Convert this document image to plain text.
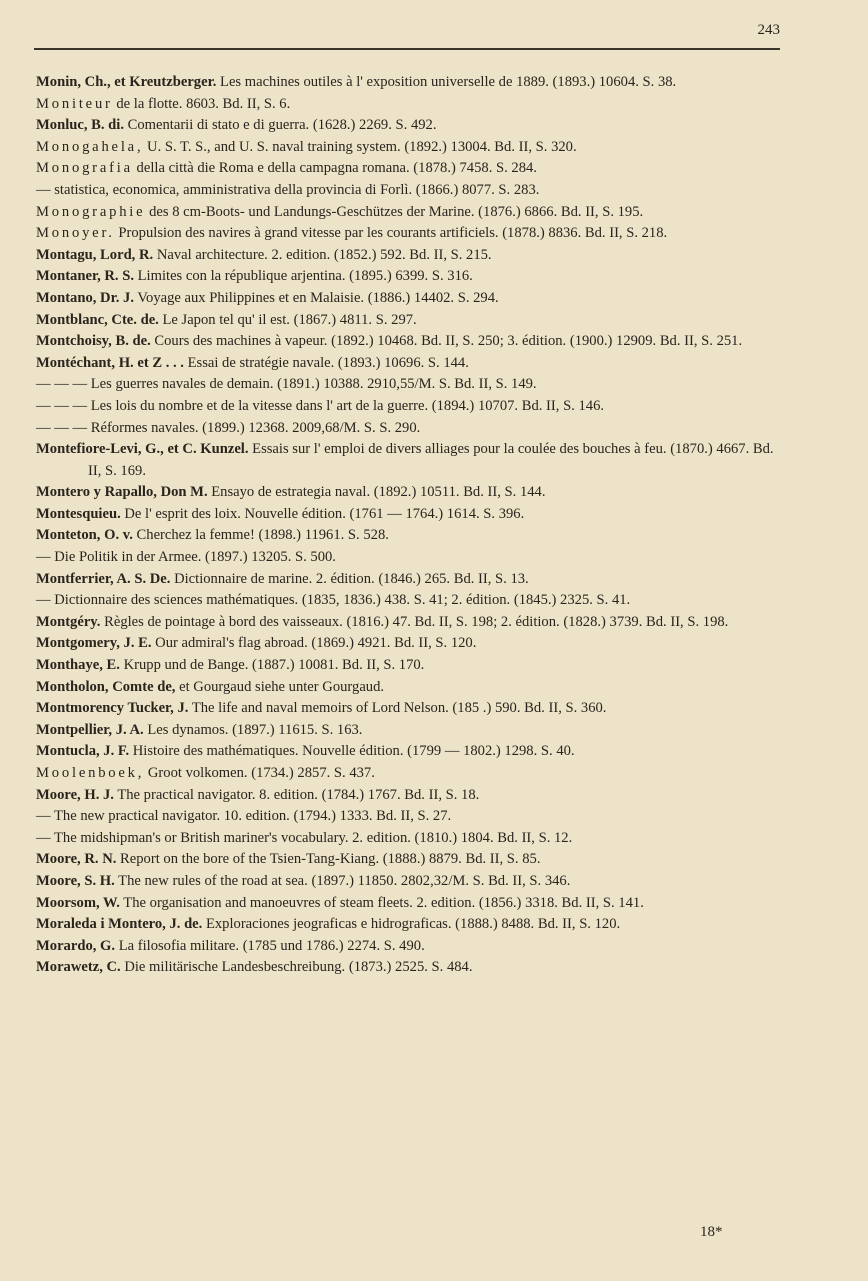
243
Monin, Ch., et Kreutzberger. Les machines outiles à l' exposition universelle de 1889. (1893.) 10604. S. 38.
Moniteur de la flotte. 8603. Bd. II, S. 6.
Monluc, B. di. Comentarii di stato e di guerra. (1628.) 2269. S. 492.
Monogahela, U. S. T. S., and U. S. naval training system. (1892.) 13004. Bd. II, S. 320.
Monografia della città die Roma e della campagna romana. (1878.) 7458. S. 284.
— statistica, economica, amministrativa della provincia di Forlì. (1866.) 8077. S. 283.
Monographie des 8 cm-Boots- und Landungs-Geschützes der Marine. (1876.) 6866. Bd. II, S. 195.
Monoyer. Propulsion des navires à grand vitesse par les courants artificiels. (1878.) 8836. Bd. II, S. 218.
Montagu, Lord, R. Naval architecture. 2. edition. (1852.) 592. Bd. II, S. 215.
Montaner, R. S. Limites con la république arjentina. (1895.) 6399. S. 316.
Montano, Dr. J. Voyage aux Philippines et en Malaisie. (1886.) 14402. S. 294.
Montblanc, Cte. de. Le Japon tel qu' il est. (1867.) 4811. S. 297.
Montchoisy, B. de. Cours des machines à vapeur. (1892.) 10468. Bd. II, S. 250; 3. édition. (1900.) 12909. Bd. II, S. 251.
Montéchant, H. et Z . . . Essai de stratégie navale. (1893.) 10696. S. 144.
— — — Les guerres navales de demain. (1891.) 10388. 2910,55/M. S. Bd. II, S. 149.
— — — Les lois du nombre et de la vitesse dans l' art de la guerre. (1894.) 10707. Bd. II, S. 146.
— — — Réformes navales. (1899.) 12368. 2009,68/M. S. S. 290.
Montefiore-Levi, G., et C. Kunzel. Essais sur l' emploi de divers alliages pour la coulée des bouches à feu. (1870.) 4667. Bd. II, S. 169.
Montero y Rapallo, Don M. Ensayo de estrategia naval. (1892.) 10511. Bd. II, S. 144.
Montesquieu. De l' esprit des loix. Nouvelle édition. (1761 — 1764.) 1614. S. 396.
Monteton, O. v. Cherchez la femme! (1898.) 11961. S. 528.
— Die Politik in der Armee. (1897.) 13205. S. 500.
Montferrier, A. S. De. Dictionnaire de marine. 2. édition. (1846.) 265. Bd. II, S. 13.
— Dictionnaire des sciences mathématiques. (1835, 1836.) 438. S. 41; 2. édition. (1845.) 2325. S. 41.
Montgéry. Règles de pointage à bord des vaisseaux. (1816.) 47. Bd. II, S. 198; 2. édition. (1828.) 3739. Bd. II, S. 198.
Montgomery, J. E. Our admiral's flag abroad. (1869.) 4921. Bd. II, S. 120.
Monthaye, E. Krupp und de Bange. (1887.) 10081. Bd. II, S. 170.
Montholon, Comte de, et Gourgaud siehe unter Gourgaud.
Montmorency Tucker, J. The life and naval memoirs of Lord Nelson. (185 .) 590. Bd. II, S. 360.
Montpellier, J. A. Les dynamos. (1897.) 11615. S. 163.
Montucla, J. F. Histoire des mathématiques. Nouvelle édition. (1799 — 1802.) 1298. S. 40.
Moolenboek, Groot volkomen. (1734.) 2857. S. 437.
Moore, H. J. The practical navigator. 8. edition. (1784.) 1767. Bd. II, S. 18.
— The new practical navigator. 10. edition. (1794.) 1333. Bd. II, S. 27.
— The midshipman's or British mariner's vocabulary. 2. edition. (1810.) 1804. Bd. II, S. 12.
Moore, R. N. Report on the bore of the Tsien-Tang-Kiang. (1888.) 8879. Bd. II, S. 85.
Moore, S. H. The new rules of the road at sea. (1897.) 11850. 2802,32/M. S. Bd. II, S. 346.
Moorsom, W. The organisation and manoeuvres of steam fleets. 2. edition. (1856.) 3318. Bd. II, S. 141.
Moraleda i Montero, J. de. Exploraciones jeograficas e hidrograficas. (1888.) 8488. Bd. II, S. 120.
Morardo, G. La filosofia militare. (1785 und 1786.) 2274. S. 490.
Morawetz, C. Die militärische Landesbeschreibung. (1873.) 2525. S. 484.
18*
